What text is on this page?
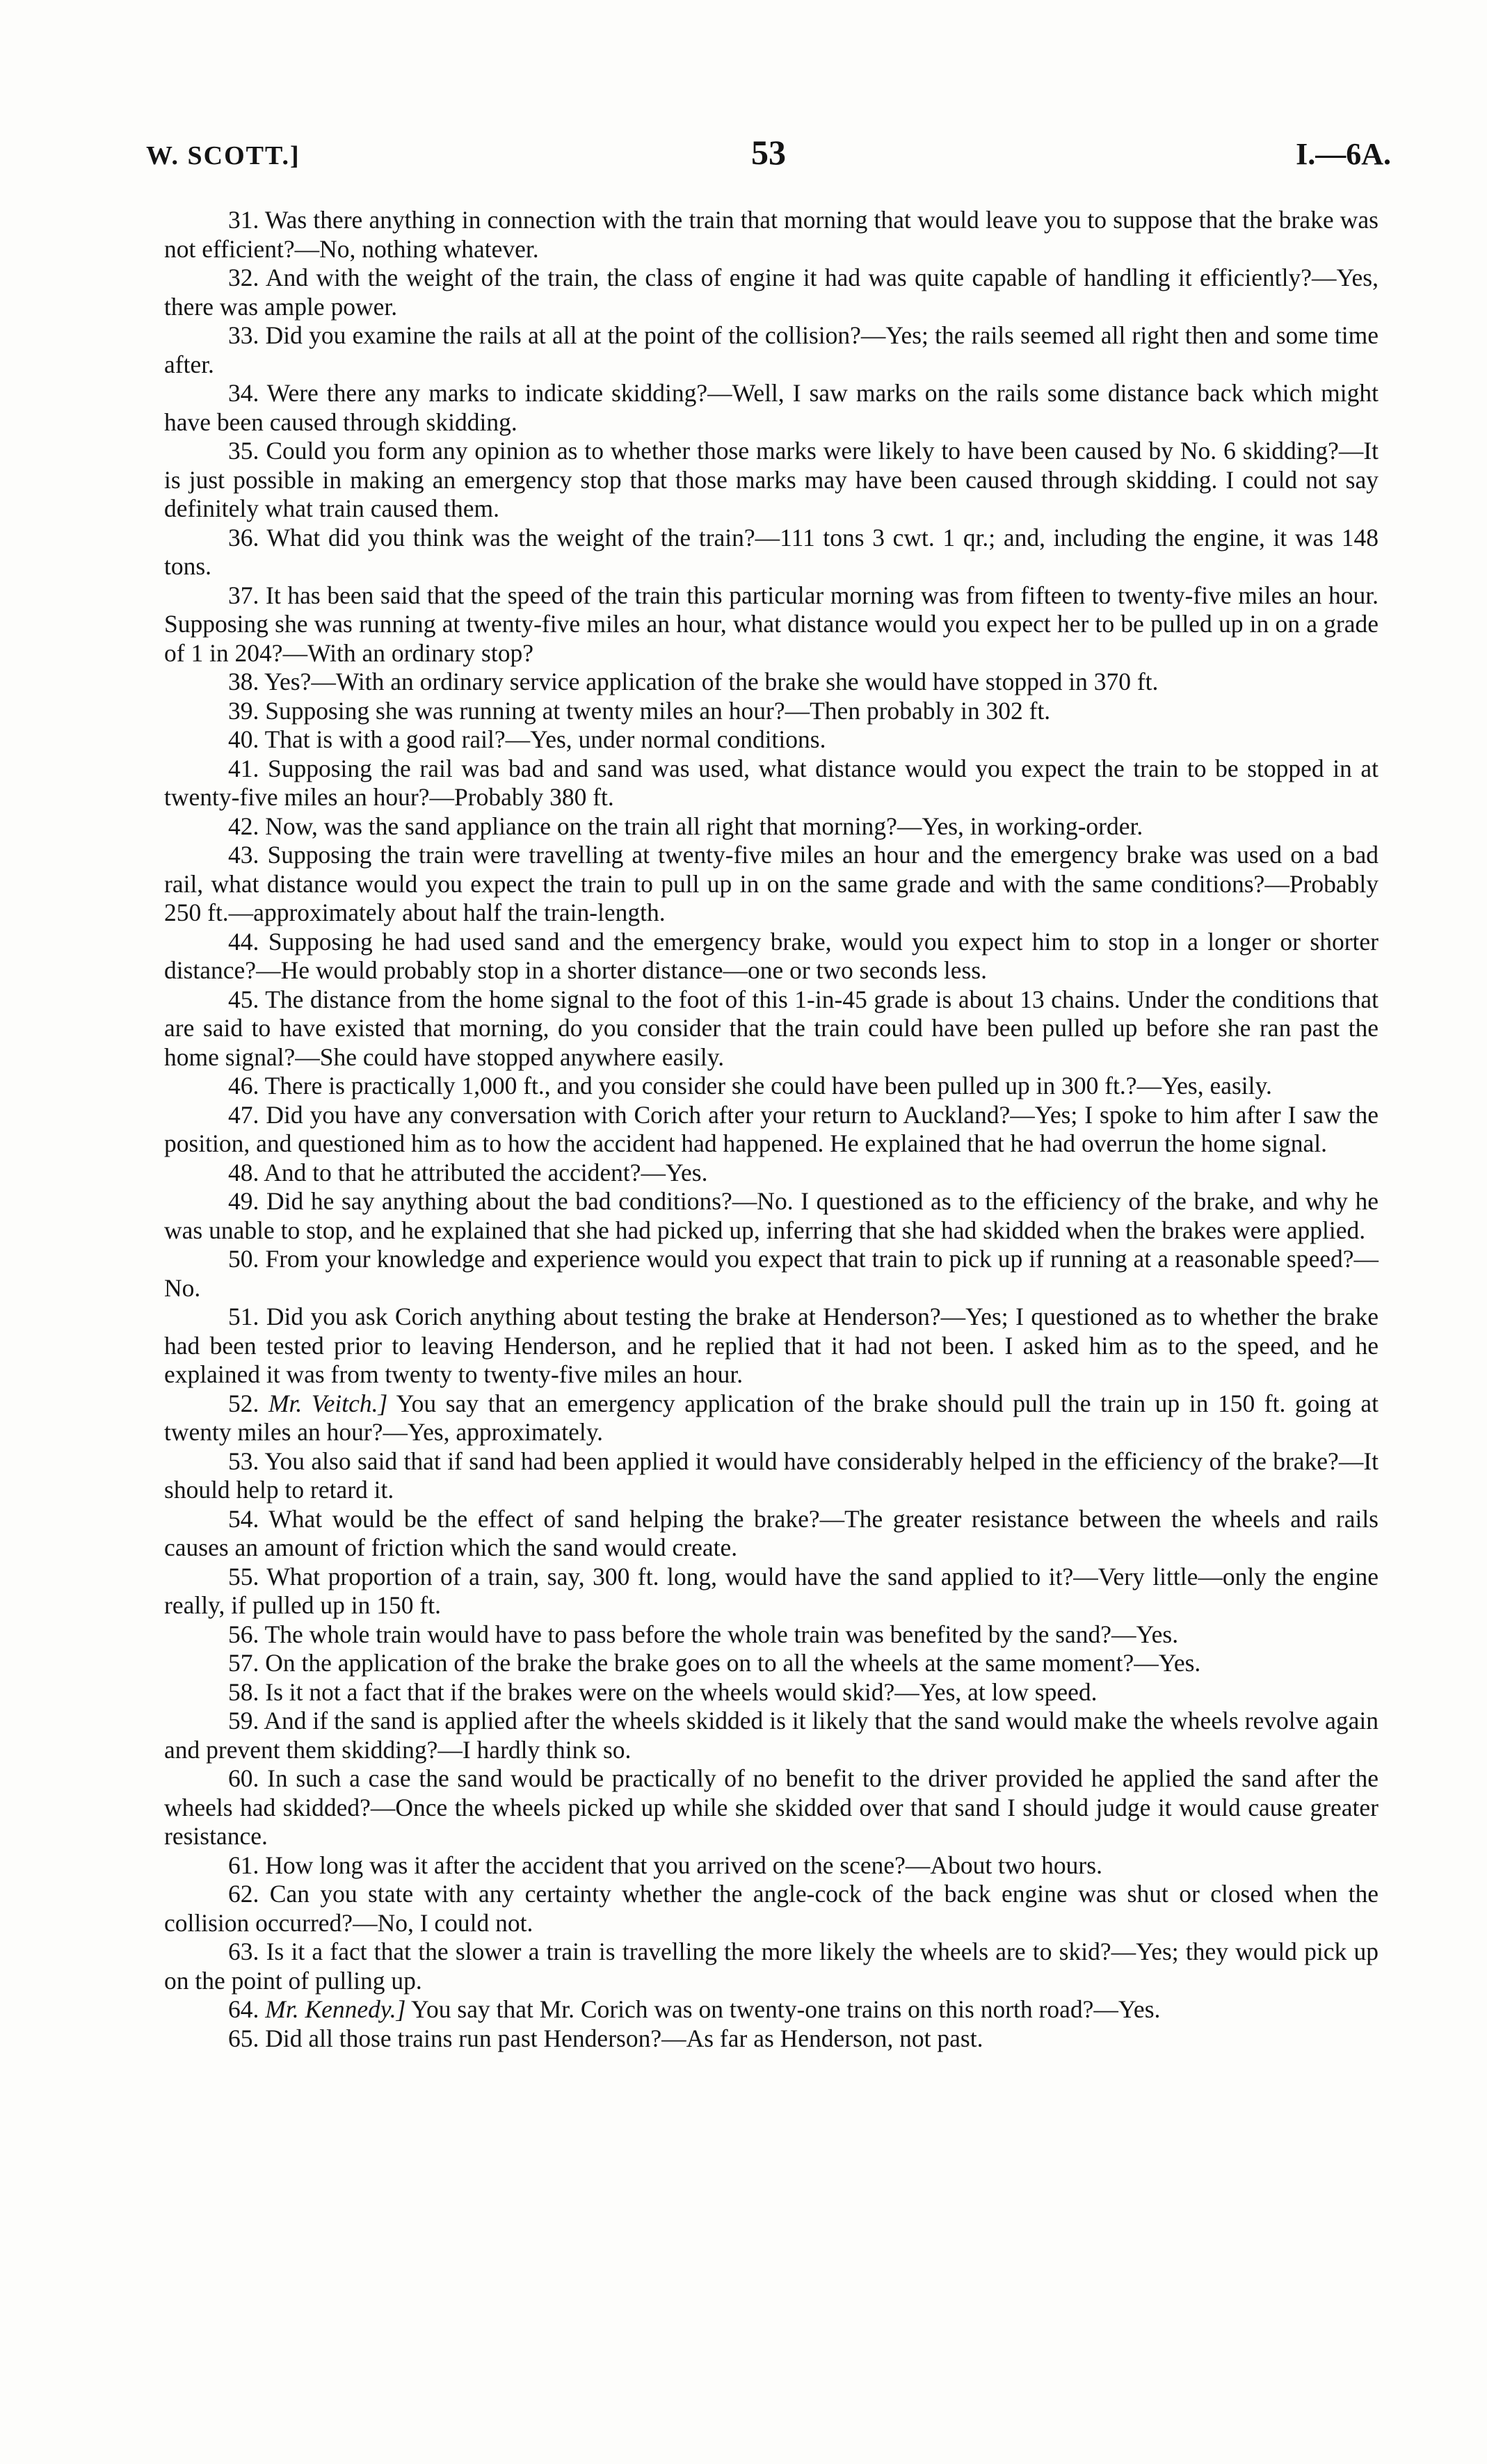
W. SCOTT.]	53	I.—6A.

31. Was there anything in connection with the train that morning that would leave you to suppose that the brake was not efficient?—No, nothing whatever.

32. And with the weight of the train, the class of engine it had was quite capable of handling it efficiently?—Yes, there was ample power.

33. Did you examine the rails at all at the point of the collision?—Yes; the rails seemed all right then and some time after.

34. Were there any marks to indicate skidding?—Well, I saw marks on the rails some distance back which might have been caused through skidding.

35. Could you form any opinion as to whether those marks were likely to have been caused by No. 6 skidding?—It is just possible in making an emergency stop that those marks may have been caused through skidding. I could not say definitely what train caused them.

36. What did you think was the weight of the train?—111 tons 3 cwt. 1 qr.; and, including the engine, it was 148 tons.

37. It has been said that the speed of the train this particular morning was from fifteen to twenty-five miles an hour. Supposing she was running at twenty-five miles an hour, what distance would you expect her to be pulled up in on a grade of 1 in 204?—With an ordinary stop?

38. Yes?—With an ordinary service application of the brake she would have stopped in 370 ft.

39. Supposing she was running at twenty miles an hour?—Then probably in 302 ft.

40. That is with a good rail?—Yes, under normal conditions.

41. Supposing the rail was bad and sand was used, what distance would you expect the train to be stopped in at twenty-five miles an hour?—Probably 380 ft.

42. Now, was the sand appliance on the train all right that morning?—Yes, in working-order.

43. Supposing the train were travelling at twenty-five miles an hour and the emergency brake was used on a bad rail, what distance would you expect the train to pull up in on the same grade and with the same conditions?—Probably 250 ft.—approximately about half the train-length.

44. Supposing he had used sand and the emergency brake, would you expect him to stop in a longer or shorter distance?—He would probably stop in a shorter distance—one or two seconds less.

45. The distance from the home signal to the foot of this 1-in-45 grade is about 13 chains. Under the conditions that are said to have existed that morning, do you consider that the train could have been pulled up before she ran past the home signal?—She could have stopped anywhere easily.

46. There is practically 1,000 ft., and you consider she could have been pulled up in 300 ft.?—Yes, easily.

47. Did you have any conversation with Corich after your return to Auckland?—Yes; I spoke to him after I saw the position, and questioned him as to how the accident had happened. He explained that he had overrun the home signal.

48. And to that he attributed the accident?—Yes.

49. Did he say anything about the bad conditions?—No. I questioned as to the efficiency of the brake, and why he was unable to stop, and he explained that she had picked up, inferring that she had skidded when the brakes were applied.

50. From your knowledge and experience would you expect that train to pick up if running at a reasonable speed?—No.

51. Did you ask Corich anything about testing the brake at Henderson?—Yes; I questioned as to whether the brake had been tested prior to leaving Henderson, and he replied that it had not been. I asked him as to the speed, and he explained it was from twenty to twenty-five miles an hour.

52. Mr. Veitch.] You say that an emergency application of the brake should pull the train up in 150 ft. going at twenty miles an hour?—Yes, approximately.

53. You also said that if sand had been applied it would have considerably helped in the efficiency of the brake?—It should help to retard it.

54. What would be the effect of sand helping the brake?—The greater resistance between the wheels and rails causes an amount of friction which the sand would create.

55. What proportion of a train, say, 300 ft. long, would have the sand applied to it?—Very little—only the engine really, if pulled up in 150 ft.

56. The whole train would have to pass before the whole train was benefited by the sand?—Yes.

57. On the application of the brake the brake goes on to all the wheels at the same moment?—Yes.

58. Is it not a fact that if the brakes were on the wheels would skid?—Yes, at low speed.

59. And if the sand is applied after the wheels skidded is it likely that the sand would make the wheels revolve again and prevent them skidding?—I hardly think so.

60. In such a case the sand would be practically of no benefit to the driver provided he applied the sand after the wheels had skidded?—Once the wheels picked up while she skidded over that sand I should judge it would cause greater resistance.

61. How long was it after the accident that you arrived on the scene?—About two hours.

62. Can you state with any certainty whether the angle-cock of the back engine was shut or closed when the collision occurred?—No, I could not.

63. Is it a fact that the slower a train is travelling the more likely the wheels are to skid?—Yes; they would pick up on the point of pulling up.

64. Mr. Kennedy.] You say that Mr. Corich was on twenty-one trains on this north road?—Yes.

65. Did all those trains run past Henderson?—As far as Henderson, not past.
